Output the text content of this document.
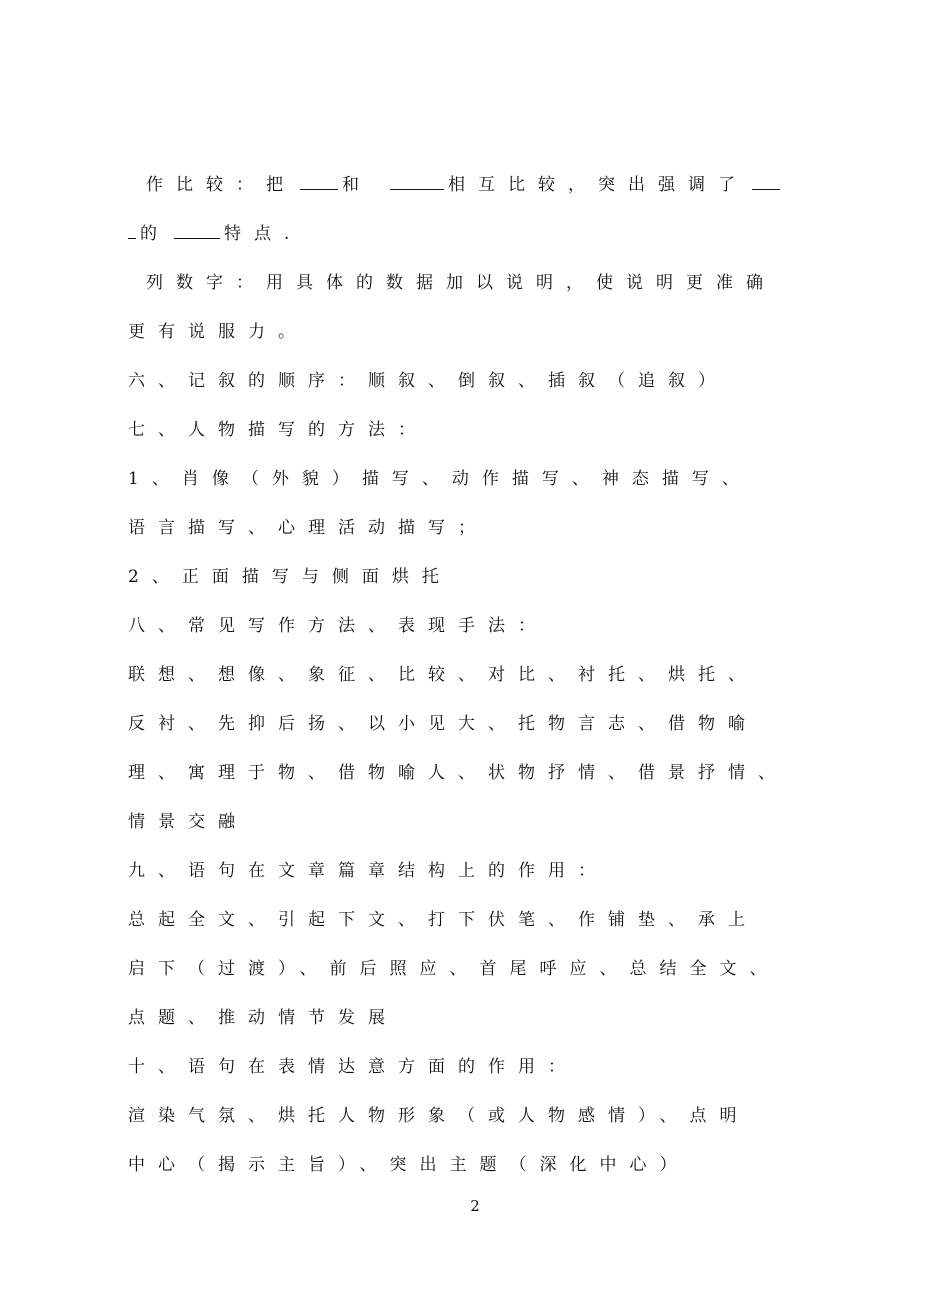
作比较：把	和	相互比较，突出强调了
的	特点.
列数字：用具体的数据加以说明，使说明更准确
更有说服力。
六、记叙的顺序：顺叙、倒叙、插叙（追叙）
七、人物描写的方法：
1、肖像（外貌）描写、动作描写、神态描写、
语言描写、心理活动描写；
2、正面描写与侧面烘托
八、常见写作方法、表现手法：
联想、想像、象征、比较、对比、衬托、烘托、
反衬、先抑后扬、以小见大、托物言志、借物喻
理、寓理于物、借物喻人、状物抒情、借景抒情、
情景交融
九、语句在文章篇章结构上的作用：
总起全文、引起下文、打下伏笔、作铺垫、承上
启下（过渡）、前后照应、首尾呼应、总结全文、
点题、推动情节发展
十、语句在表情达意方面的作用：
渲染气氛、烘托人物形象（或人物感情）、点明
中心（揭示主旨）、突出主题（深化中心）
2
